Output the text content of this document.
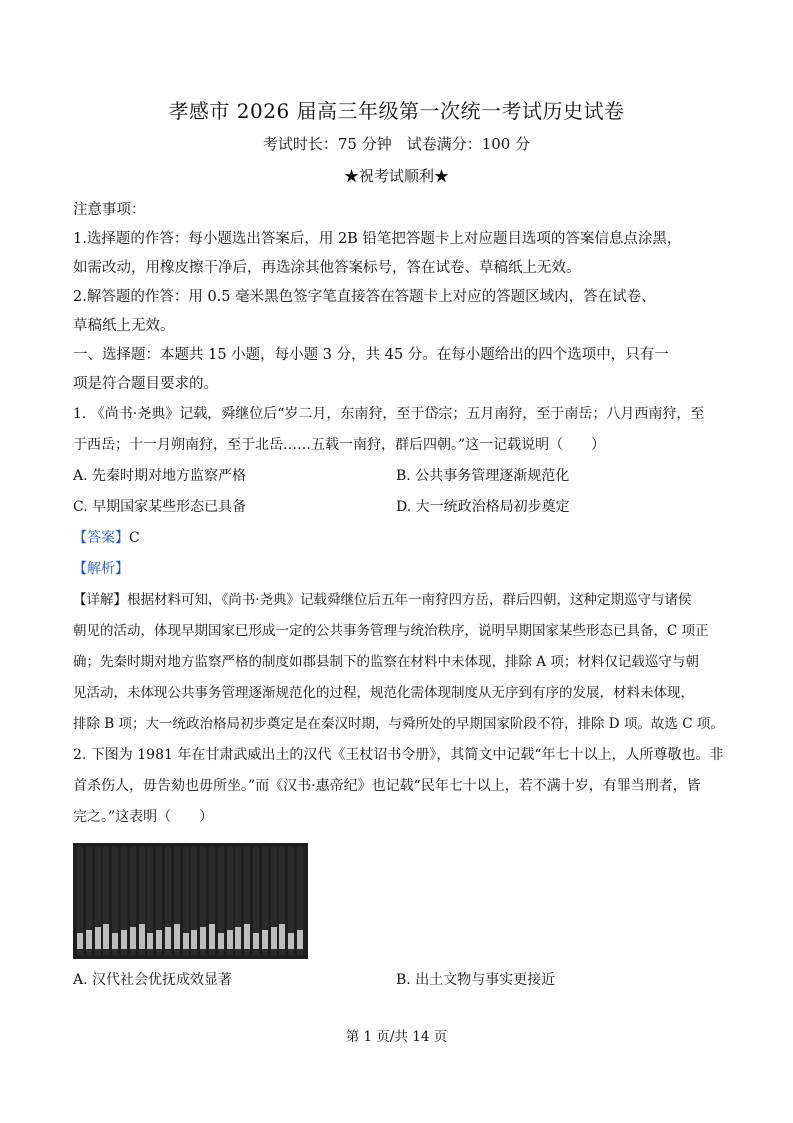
孝感市 2026 届高三年级第一次统一考试历史试卷
考试时长：75 分钟　试卷满分：100 分
★祝考试顺利★
注意事项：
1.选择题的作答：每小题选出答案后，用 2B 铅笔把答题卡上对应题目选项的答案信息点涂黑，
如需改动，用橡皮擦干净后，再选涂其他答案标号，答在试卷、草稿纸上无效。
2.解答题的作答：用 0.5 毫米黑色签字笔直接答在答题卡上对应的答题区域内，答在试卷、
草稿纸上无效。
一、选择题：本题共 15 小题，每小题 3 分，共 45 分。在每小题给出的四个选项中，只有一
项是符合题目要求的。
1. 《尚书·尧典》记载，舜继位后“岁二月，东南狩，至于岱宗；五月南狩，至于南岳；八月西南狩，至
于西岳；十一月朔南狩，至于北岳……五载一南狩，群后四朝。”这一记载说明（　　）
A. 先秦时期对地方监察严格	B. 公共事务管理逐渐规范化
C. 早期国家某些形态已具备	D. 大一统政治格局初步奠定
【答案】C
【解析】
【详解】根据材料可知，《尚书·尧典》记载舜继位后五年一南狩四方岳，群后四朝，这种定期巡守与诸侯
朝见的活动，体现早期国家已形成一定的公共事务管理与统治秩序，说明早期国家某些形态已具备，C 项正
确；先秦时期对地方监察严格的制度如郡县制下的监察在材料中未体现，排除 A 项；材料仅记载巡守与朝
见活动，未体现公共事务管理逐渐规范化的过程，规范化需体现制度从无序到有序的发展，材料未体现，
排除 B 项；大一统政治格局初步奠定是在秦汉时期，与舜所处的早期国家阶段不符，排除 D 项。故选 C 项。
2. 下图为 1981 年在甘肃武威出土的汉代《王杖诏书令册》，其简文中记载“年七十以上，人所尊敬也。非
首杀伤人，毋告劾也毋所坐。”而《汉书·惠帝纪》也记载“民年七十以上，若不满十岁，有罪当刑者，皆
完之。”这表明（　　）
A. 汉代社会优抚成效显著	B. 出土文物与事实更接近
第 1 页/共 14 页
